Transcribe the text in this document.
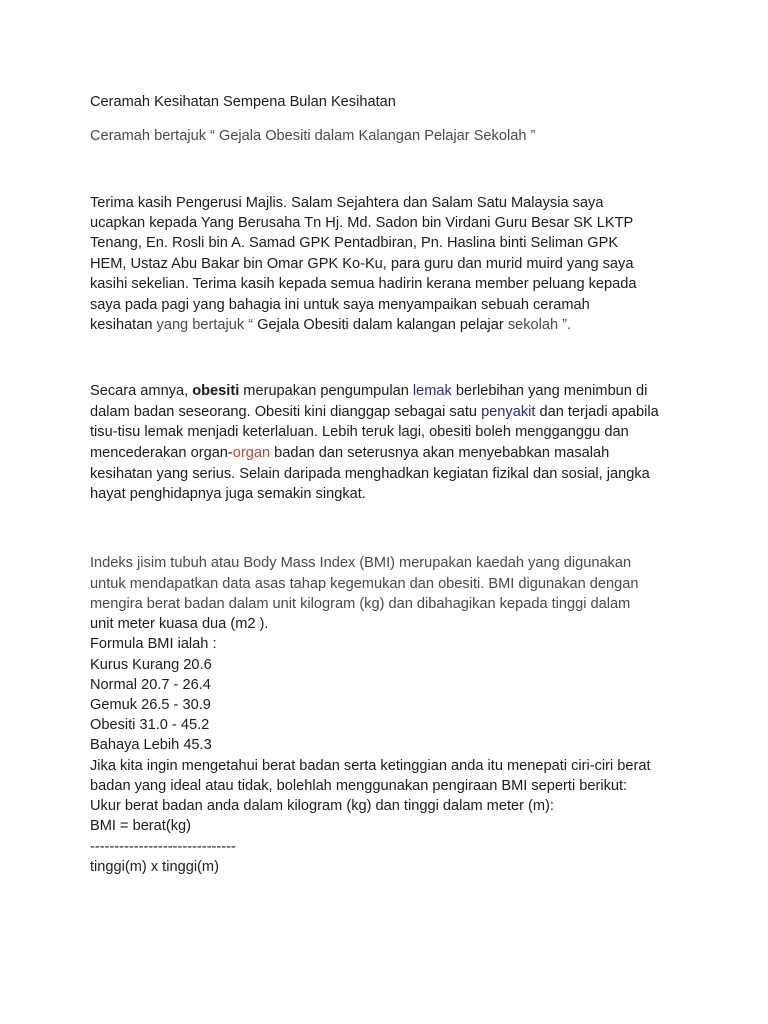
Ceramah Kesihatan Sempena Bulan Kesihatan

Ceramah bertajuk “ Gejala Obesiti dalam Kalangan Pelajar Sekolah ”

Terima kasih Pengerusi Majlis. Salam Sejahtera dan Salam Satu Malaysia saya

ucapkan kepada Yang Berusaha Tn Hj. Md. Sadon bin Virdani Guru Besar SK LKTP

Tenang, En. Rosli bin A. Samad GPK Pentadbiran, Pn. Haslina binti Seliman GPK

HEM, Ustaz Abu Bakar bin Omar GPK Ko-Ku, para guru dan murid muird yang saya

kasihi sekelian. Terima kasih kepada semua hadirin kerana member peluang kepada

saya pada pagi yang bahagia ini untuk saya menyampaikan sebuah ceramah

kesihatan yang bertajuk “ Gejala Obesiti dalam kalangan pelajar sekolah ”.

Secara amnya, obesiti merupakan pengumpulan lemak berlebihan yang menimbun di

dalam badan seseorang. Obesiti kini dianggap sebagai satu penyakit dan terjadi apabila

tisu-tisu lemak menjadi keterlaluan. Lebih teruk lagi, obesiti boleh mengganggu dan

mencederakan organ-organ badan dan seterusnya akan menyebabkan masalah

kesihatan yang serius. Selain daripada menghadkan kegiatan fizikal dan sosial, jangka

hayat penghidapnya juga semakin singkat.

Indeks jisim tubuh atau Body Mass Index (BMI) merupakan kaedah yang digunakan

untuk mendapatkan data asas tahap kegemukan dan obesiti. BMI digunakan dengan

mengira berat badan dalam unit kilogram (kg) dan dibahagikan kepada tinggi dalam

unit meter kuasa dua (m2 ).

Formula BMI ialah :

Kurus Kurang 20.6

Normal 20.7 - 26.4

Gemuk 26.5 - 30.9

Obesiti 31.0 - 45.2

Bahaya Lebih 45.3

Jika kita ingin mengetahui berat badan serta ketinggian anda itu menepati ciri-ciri berat

badan yang ideal atau tidak, bolehlah menggunakan pengiraan BMI seperti berikut:

Ukur berat badan anda dalam kilogram (kg) dan tinggi dalam meter (m):

BMI = berat(kg)

------------------------------

tinggi(m) x tinggi(m)
